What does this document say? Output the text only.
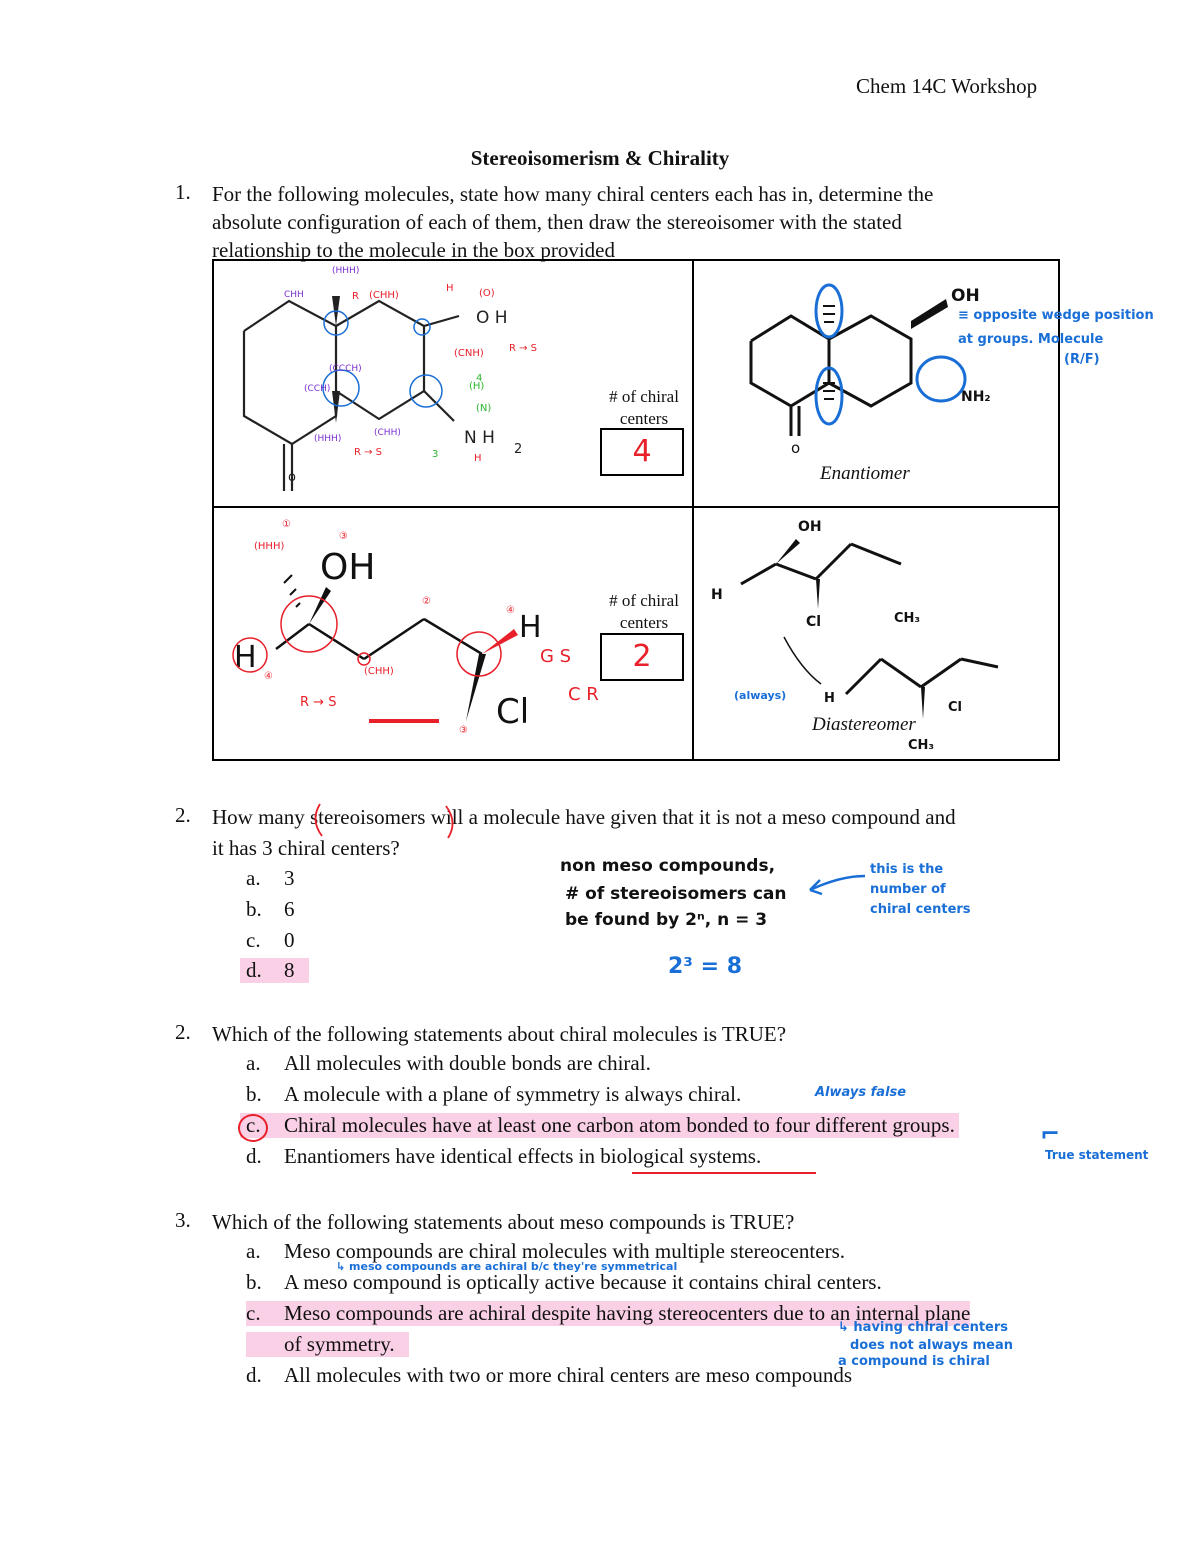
Chem 14C Workshop
Stereoisomerism & Chirality
1. For the following molecules, state how many chiral centers each has in, determine the
absolute configuration of each of them, then draw the stereoisomer with the stated
relationship to the molecule in the box provided
o
O H
N H
2
R (CHH)
H	(O)
R → S
R → S
H
(CNH)
(HHH)
CHH
(CCH)
(HHH)
(CHH)
(CCCH)
4
(N)
3
(H)
# of chiral
centers
4
OH
NH₂
o
≡ opposite wedge position
at groups. Molecule
(R/F)
Enantiomer
OH
H
H
Cl
(HHH)
①
③
②
④
④
③
(CHH)
G S
C R
R → S
# of chiral
centers
2
H
Cl
OH
CH₃
Cl
CH₃
H
(always)
Diastereomer
2. How many stereoisomers will a molecule have given that it is not a meso compound and
it has 3 chiral centers?
a. 3
b. 6
c. 0
d. 8
non meso compounds,
# of stereoisomers can
be found by 2ⁿ, n = 3
this is the
number of
chiral centers
2³ = 8
2. Which of the following statements about chiral molecules is TRUE?
a. All molecules with double bonds are chiral.
b. A molecule with a plane of symmetry is always chiral.
c. Chiral molecules have at least one carbon atom bonded to four different groups.
d. Enantiomers have identical effects in biological systems.
Always false
⌐
True statement
3. Which of the following statements about meso compounds is TRUE?
a. Meso compounds are chiral molecules with multiple stereocenters.
↳ meso compounds are achiral b/c they're symmetrical
b. A meso compound is optically active because it contains chiral centers.
c. Meso compounds are achiral despite having stereocenters due to an internal plane
of symmetry.
d. All molecules with two or more chiral centers are meso compounds
↳ having chiral centers
does not always mean
a compound is chiral
